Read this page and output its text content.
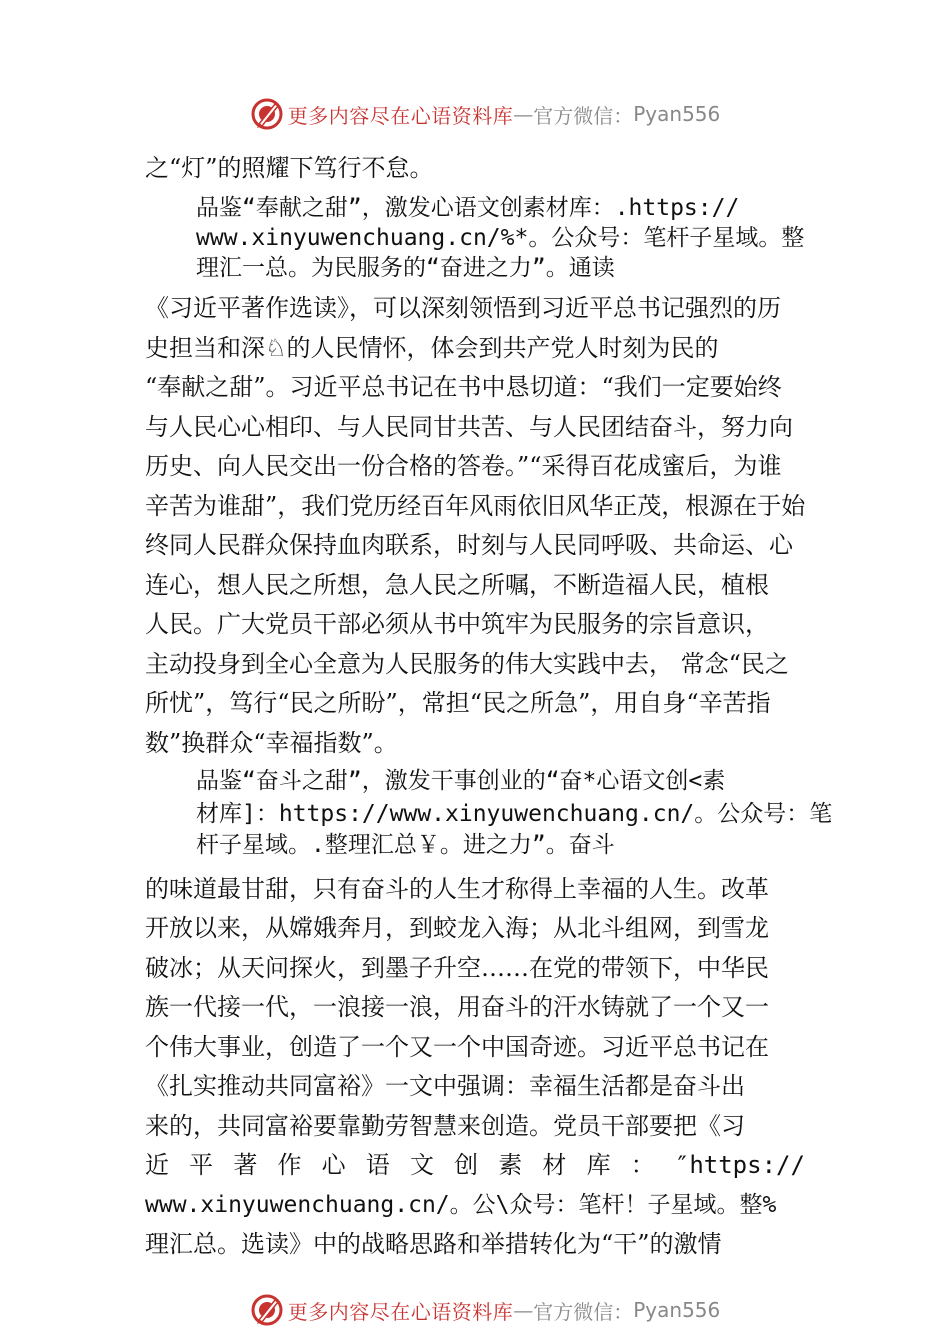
更多内容尽在心语资料库 — 官方微信： Pyan556
之“灯”的照耀下笃行不怠。
品鉴“奉献之甜”，激发心语文创素材库：.https://
www.xinyuwenchuang.cn/%*。公众号：笔杆子星域。整
理汇一总。为民服务的“奋进之力”。通读
《习近平著作选读》，可以深刻领悟到习近平总书记强烈的历
史担当和深♘的人民情怀，体会到共产党人时刻为民的
“奉献之甜”。习近平总书记在书中恳切道：“我们一定要始终
与人民心心相印、与人民同甘共苦、与人民团结奋斗，努力向
历史、向人民交出一份合格的答卷。”“采得百花成蜜后，为谁
辛苦为谁甜”，我们党历经百年风雨依旧风华正茂，根源在于始
终同人民群众保持血肉联系，时刻与人民同呼吸、共命运、心
连心，想人民之所想，急人民之所嘱，不断造福人民，植根
人民。广大党员干部必须从书中筑牢为民服务的宗旨意识，
主动投身到全心全意为人民服务的伟大实践中去， 常念“民之
所忧”，笃行“民之所盼”，常担“民之所急”，用自身“辛苦指
数”换群众“幸福指数”。
品鉴“奋斗之甜”，激发干事创业的“奋*心语文创<素
材库]：https://www.xinyuwenchuang.cn/。公众号：笔
杆子星域。.整理汇总￥。进之力”。奋斗
的味道最甘甜，只有奋斗的人生才称得上幸福的人生。改革
开放以来，从嫦娥奔月，到蛟龙入海；从北斗组网，到雪龙
破冰；从天问探火，到墨子升空……在党的带领下，中华民
族一代接一代，一浪接一浪，用奋斗的汗水铸就了一个又一
个伟大事业，创造了一个又一个中国奇迹。习近平总书记在
《扎实推动共同富裕》一文中强调：幸福生活都是奋斗出
来的，共同富裕要靠勤劳智慧来创造。党员干部要把《习
近 平 著 作 心 语 文 创 素 材 库 ： ″https://
www.xinyuwenchuang.cn/。公\众号：笔杆！子星域。整%
理汇总。选读》中的战略思路和举措转化为“干”的激情
更多内容尽在心语资料库 — 官方微信： Pyan556
